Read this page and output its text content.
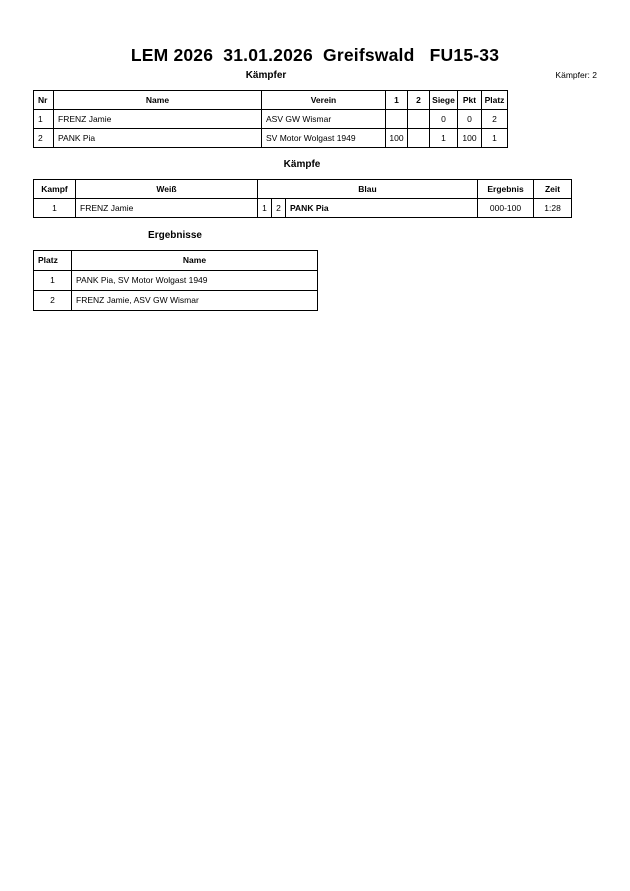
LEM 2026  31.01.2026  Greifswald   FU15-33
Kämpfer	Kämpfer: 2
Nr	Name	Verein	1	2	Siege	Pkt	Platz
1	FRENZ Jamie	ASV GW Wismar			0	0	2
2	PANK Pia	SV Motor Wolgast 1949	100		1	100	1
Kämpfe
Kampf	Weiß	Blau			Ergebnis	Zeit
1	FRENZ Jamie	1	2	PANK Pia	000-100	1:28
Ergebnisse
Platz	Name
1	PANK Pia, SV Motor Wolgast 1949
2	FRENZ Jamie, ASV GW Wismar
